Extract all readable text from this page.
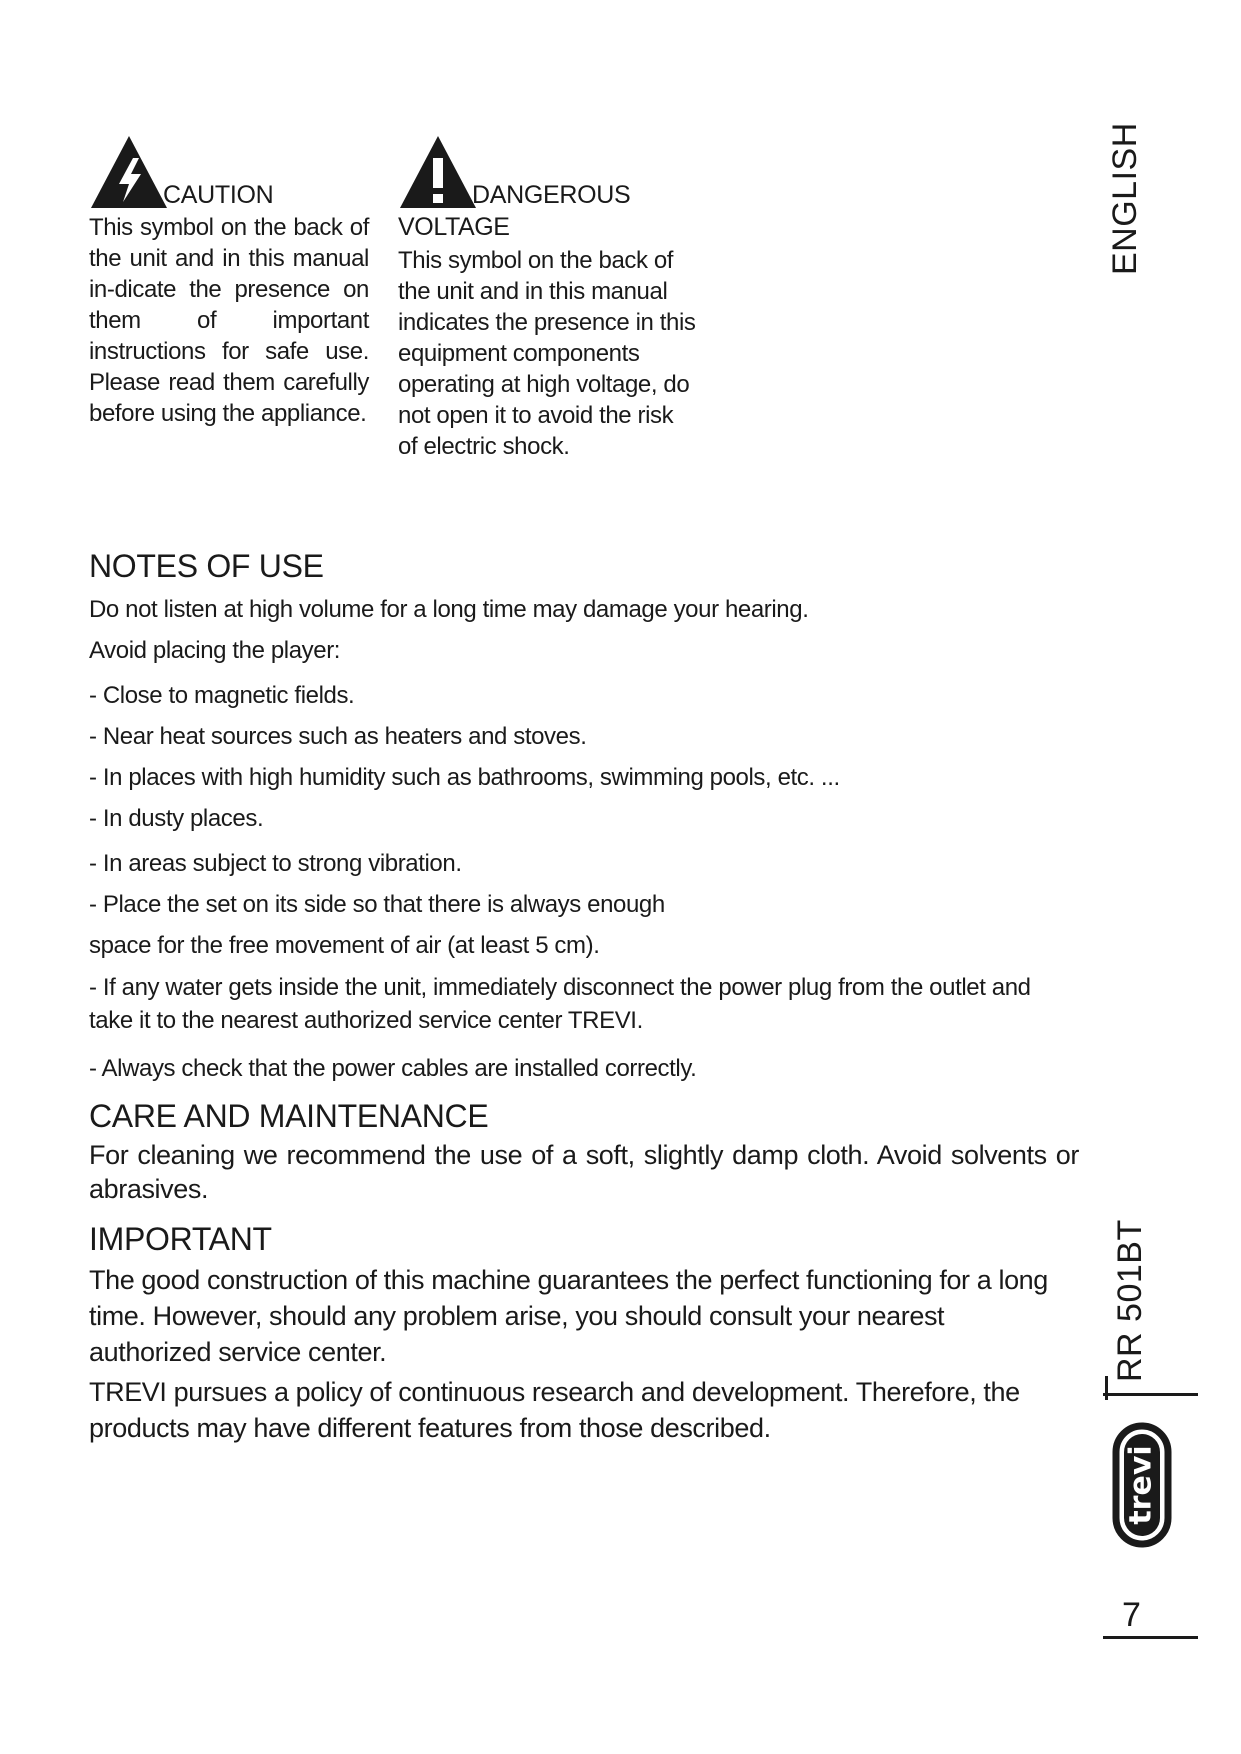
CAUTION
This symbol on the back of the unit and in this manual in-dicate the presence on them of important instructions for safe use. Please read them carefully before using the appliance.
DANGEROUS
VOLTAGE
This symbol on the back of the unit and in this manual indicates the presence in this equipment components operating at high voltage, do not open it to avoid the risk of electric shock.
NOTES OF USE
Do not listen at high volume for a long time may damage your hearing.
Avoid placing the player:
- Close to magnetic fields.
- Near heat sources such as heaters and stoves.
- In places with high humidity such as bathrooms, swimming pools, etc. ...
- In dusty places.
- In areas subject to strong vibration.
- Place the set on its side so that there is always enough
space for the free movement of air (at least 5 cm).
- If any water gets inside the unit, immediately disconnect the power plug from the outlet and take it to the nearest authorized service center TREVI.
- Always check that the power cables are installed correctly.
CARE AND MAINTENANCE
For cleaning we recommend the use of a soft, slightly damp cloth. Avoid solvents or abrasives.
IMPORTANT
The good construction of this machine guarantees the perfect functioning for a long time. However, should any problem arise, you should consult your nearest authorized service center.
TREVI pursues a policy of continuous research and development. Therefore, the products may have different features from those described.
ENGLISH
RR 501BT
trevi
7
